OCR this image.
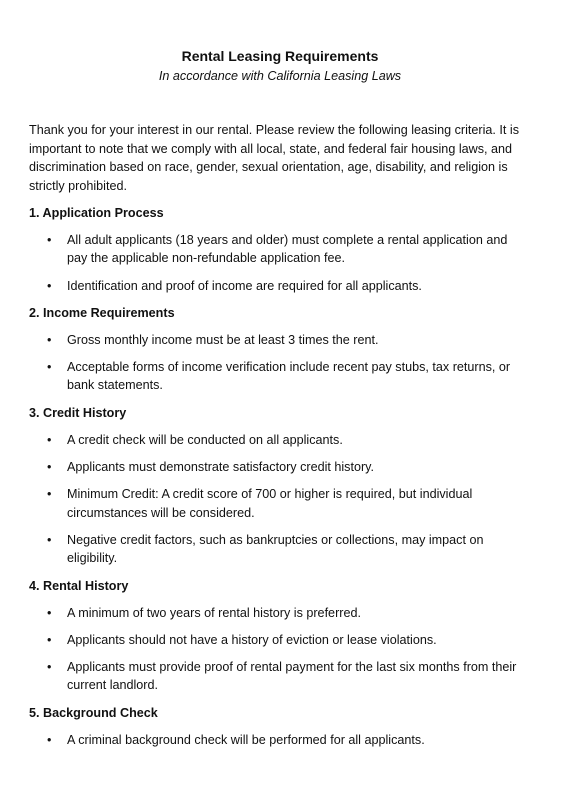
Rental Leasing Requirements

In accordance with California Leasing Laws

Thank you for your interest in our rental. Please review the following leasing criteria. It is important to note that we comply with all local, state, and federal fair housing laws, and discrimination based on race, gender, sexual orientation, age, disability, and religion is strictly prohibited.

1. Application Process

• All adult applicants (18 years and older) must complete a rental application and pay the applicable non-refundable application fee.
• Identification and proof of income are required for all applicants.

2. Income Requirements

• Gross monthly income must be at least 3 times the rent.
• Acceptable forms of income verification include recent pay stubs, tax returns, or bank statements.

3. Credit History

• A credit check will be conducted on all applicants.
• Applicants must demonstrate satisfactory credit history.
• Minimum Credit: A credit score of 700 or higher is required, but individual circumstances will be considered.
• Negative credit factors, such as bankruptcies or collections, may impact on eligibility.

4. Rental History

• A minimum of two years of rental history is preferred.
• Applicants should not have a history of eviction or lease violations.
• Applicants must provide proof of rental payment for the last six months from their current landlord.

5. Background Check

• A criminal background check will be performed for all applicants.
